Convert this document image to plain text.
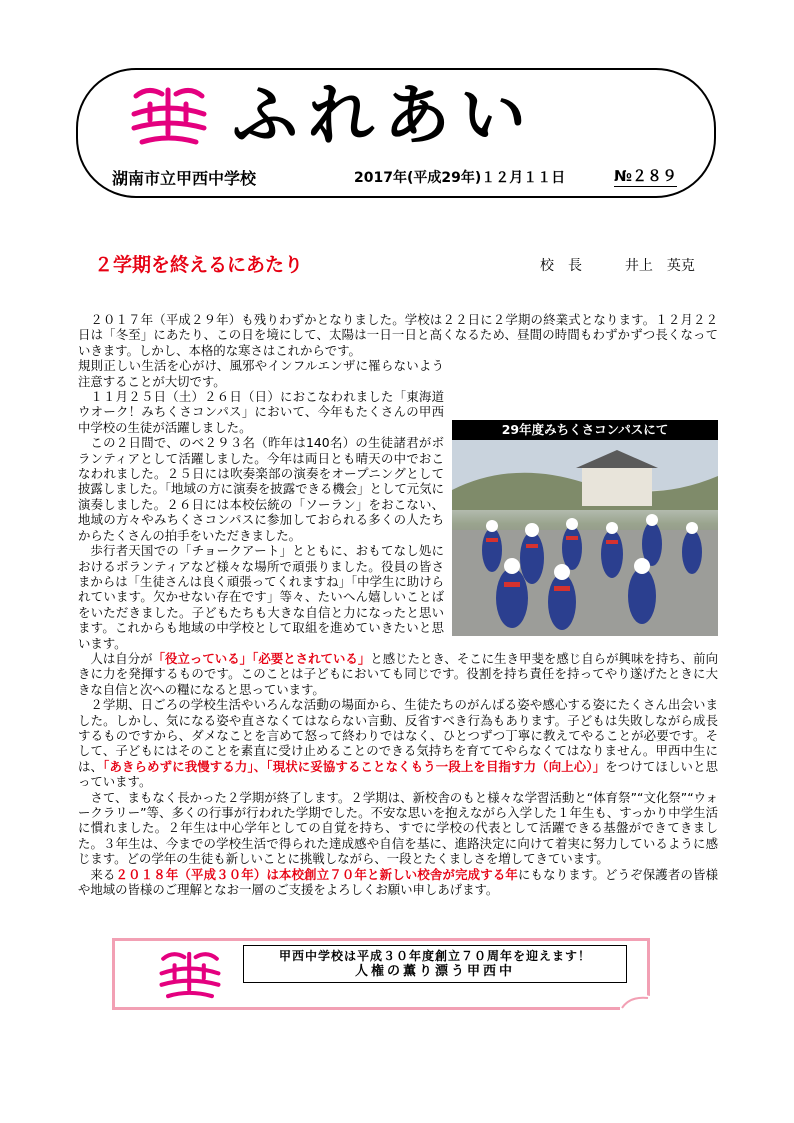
ふれあい
湖南市立甲西中学校	2017年(平成29年)１２月１１日	№２８９
２学期を終えるにあたり	校　長	井上　英克

２０１７年（平成２９年）も残りわずかとなりました。学校は２２日に２学期の終業式となります。１２月２２日は「冬至」にあたり、この日を境にして、太陽は一日一日と高くなるため、昼間の時間もわずかずつ長くなっていきます。しかし、本格的な寒さはこれからです。

29年度みちくさコンパスにて

規則正しい生活を心がけ、風邪やインフルエンザに罹らないよう注意することが大切です。

１１月２５日（土）２６日（日）におこなわれました「東海道ウオーク！みちくさコンパス」において、今年もたくさんの甲西中学校の生徒が活躍しました。

この２日間で、のべ２９３名（昨年は140名）の生徒諸君がボランティアとして活躍しました。今年は両日とも晴天の中でおこなわれました。２５日には吹奏楽部の演奏をオープニングとして披露しました。「地域の方に演奏を披露できる機会」として元気に演奏しました。２６日には本校伝統の「ソーラン」をおこない、地域の方々やみちくさコンパスに参加しておられる多くの人たちからたくさんの拍手をいただきました。

歩行者天国での「チョークアート」とともに、おもてなし処におけるボランティアなど様々な場所で頑張りました。役員の皆さまからは「生徒さんは良く頑張ってくれますね」「中学生に助けられています。欠かせない存在です」等々、たいへん嬉しいことばをいただきました。子どもたちも大きな自信と力になったと思います。これからも地域の中学校として取組を進めていきたいと思います。

人は自分が「役立っている」「必要とされている」と感じたとき、そこに生き甲斐を感じ自らが興味を持ち、前向きに力を発揮するものです。このことは子どもにおいても同じです。役割を持ち責任を持ってやり遂げたときに大きな自信と次への糧になると思っています。

２学期、日ごろの学校生活やいろんな活動の場面から、生徒たちのがんばる姿や感心する姿にたくさん出会いました。しかし、気になる姿や直さなくてはならない言動、反省すべき行為もあります。子どもは失敗しながら成長するものですから、ダメなことを言めて怒って終わりではなく、ひとつずつ丁寧に教えてやることが必要です。そして、子どもにはそのことを素直に受け止めることのできる気持ちを育ててやらなくてはなりません。甲西中生には、「あきらめずに我慢する力」、「現状に妥協することなくもう一段上を目指す力（向上心）」をつけてほしいと思っています。

さて、まもなく長かった２学期が終了します。２学期は、新校舎のもと様々な学習活動と“体育祭”“文化祭”“ウォークラリー”等、多くの行事が行われた学期でした。不安な思いを抱えながら入学した１年生も、すっかり中学生活に慣れました。２年生は中心学年としての自覚を持ち、すでに学校の代表として活躍できる基盤ができてきました。３年生は、今までの学校生活で得られた達成感や自信を基に、進路決定に向けて着実に努力しているように感じます。どの学年の生徒も新しいことに挑戦しながら、一段とたくましさを増してきています。

来る２０１８年（平成３０年）は本校創立７０年と新しい校舎が完成する年にもなります。どうぞ保護者の皆様や地域の皆様のご理解となお一層のご支援をよろしくお願い申しあげます。

甲西中学校は平成３０年度創立７０周年を迎えます！
人権の薫り漂う甲西中
